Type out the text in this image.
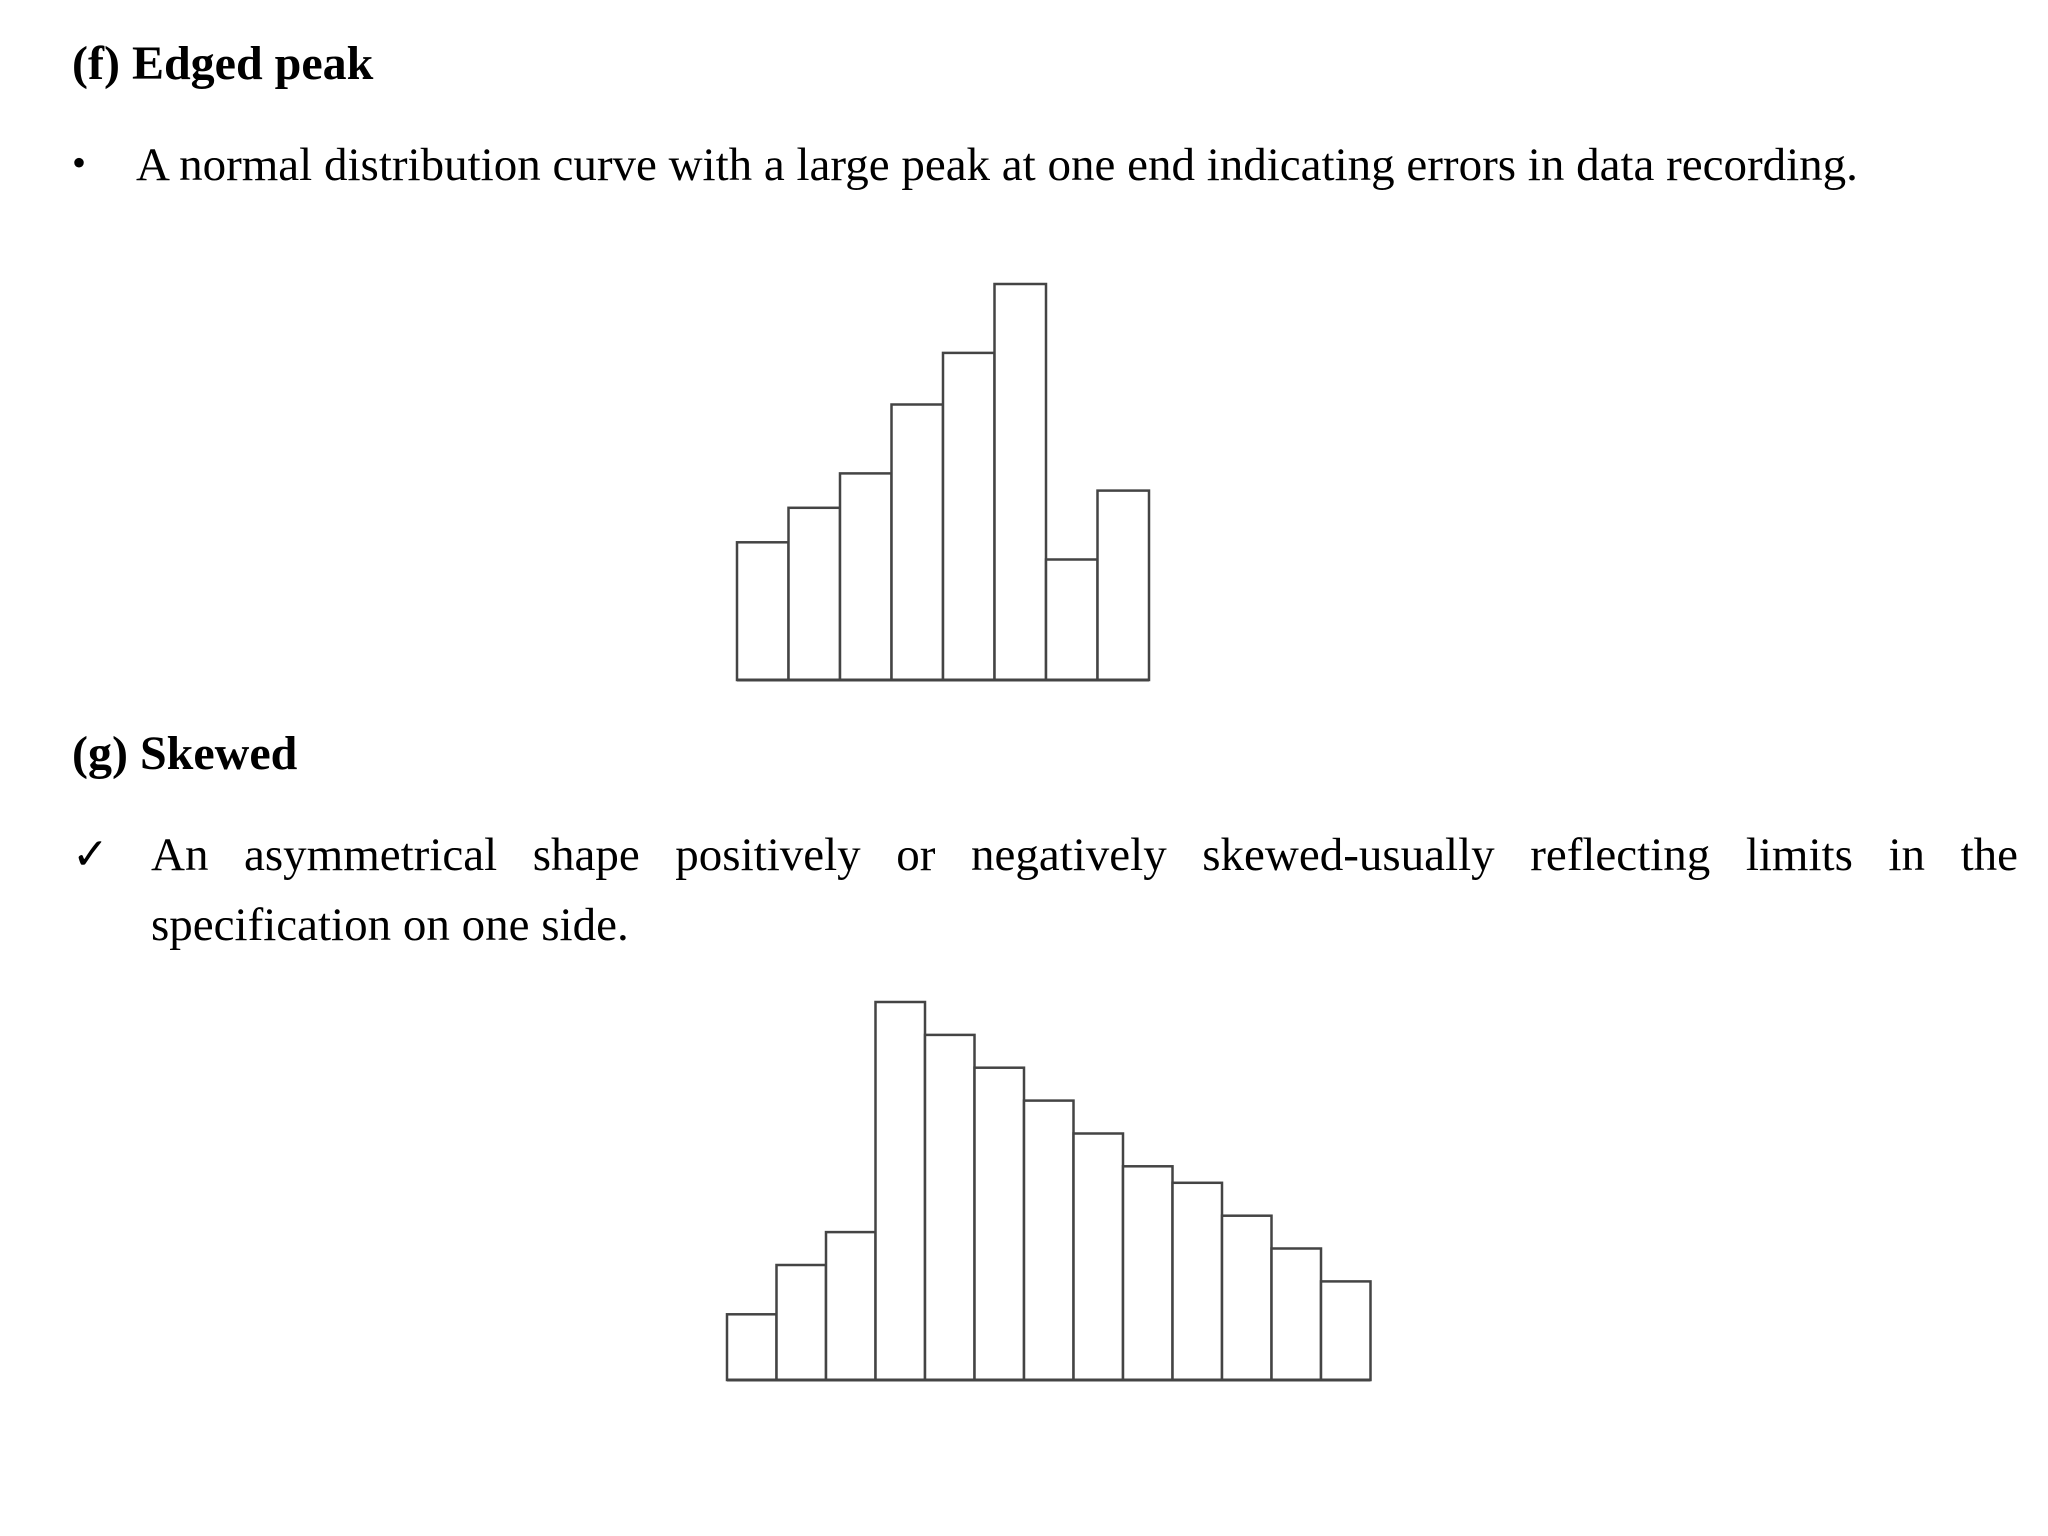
(f) Edged peak
•	A normal distribution curve with a large peak at one end indicating errors in data recording.
(g) Skewed
✓ An asymmetrical shape positively or negatively skewed-usually reflecting limits in the specification on one side.
